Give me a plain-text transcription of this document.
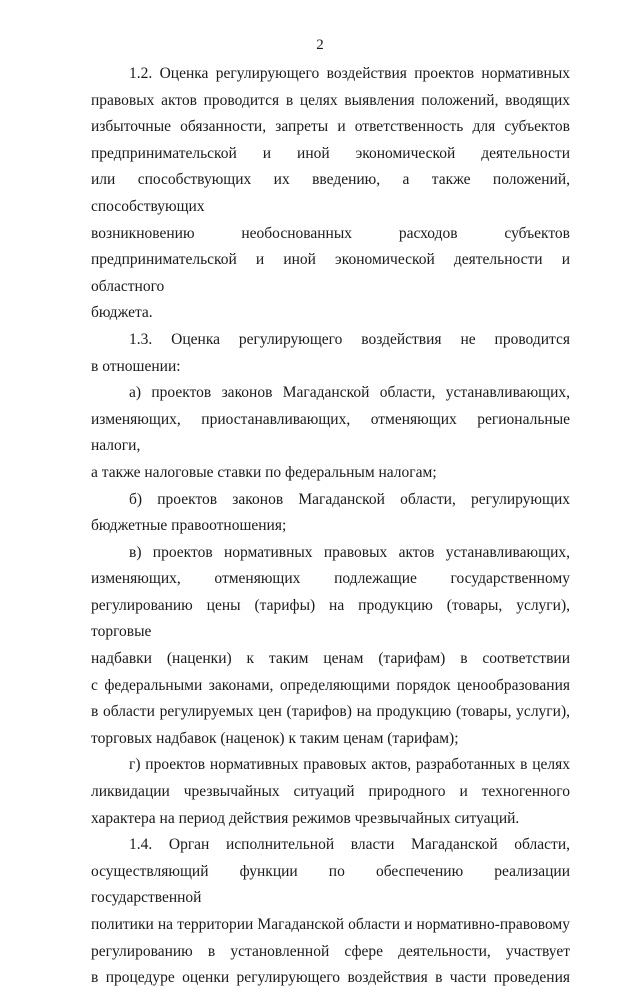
2

1.2. Оценка регулирующего воздействия проектов нормативных
правовых актов проводится в целях выявления положений, вводящих
избыточные обязанности, запреты и ответственность для субъектов
предпринимательской и иной экономической деятельности
или способствующих их введению, а также положений, способствующих
возникновению необоснованных расходов субъектов
предпринимательской и иной экономической деятельности и областного
бюджета.

1.3. Оценка регулирующего воздействия не проводится
в отношении:

а) проектов законов Магаданской области, устанавливающих,
изменяющих, приостанавливающих, отменяющих региональные налоги,
а также налоговые ставки по федеральным налогам;

б) проектов законов Магаданской области, регулирующих
бюджетные правоотношения;

в) проектов нормативных правовых актов устанавливающих,
изменяющих, отменяющих подлежащие государственному
регулированию цены (тарифы) на продукцию (товары, услуги), торговые
надбавки (наценки) к таким ценам (тарифам) в соответствии
с федеральными законами, определяющими порядок ценообразования
в области регулируемых цен (тарифов) на продукцию (товары, услуги),
торговых надбавок (наценок) к таким ценам (тарифам);

г) проектов нормативных правовых актов, разработанных в целях
ликвидации чрезвычайных ситуаций природного и техногенного
характера на период действия режимов чрезвычайных ситуаций.

1.4. Орган исполнительной власти Магаданской области,
осуществляющий функции по обеспечению реализации государственной
политики на территории Магаданской области и нормативно-правовому
регулированию в установленной сфере деятельности, участвует
в процедуре оценки регулирующего воздействия в части проведения
